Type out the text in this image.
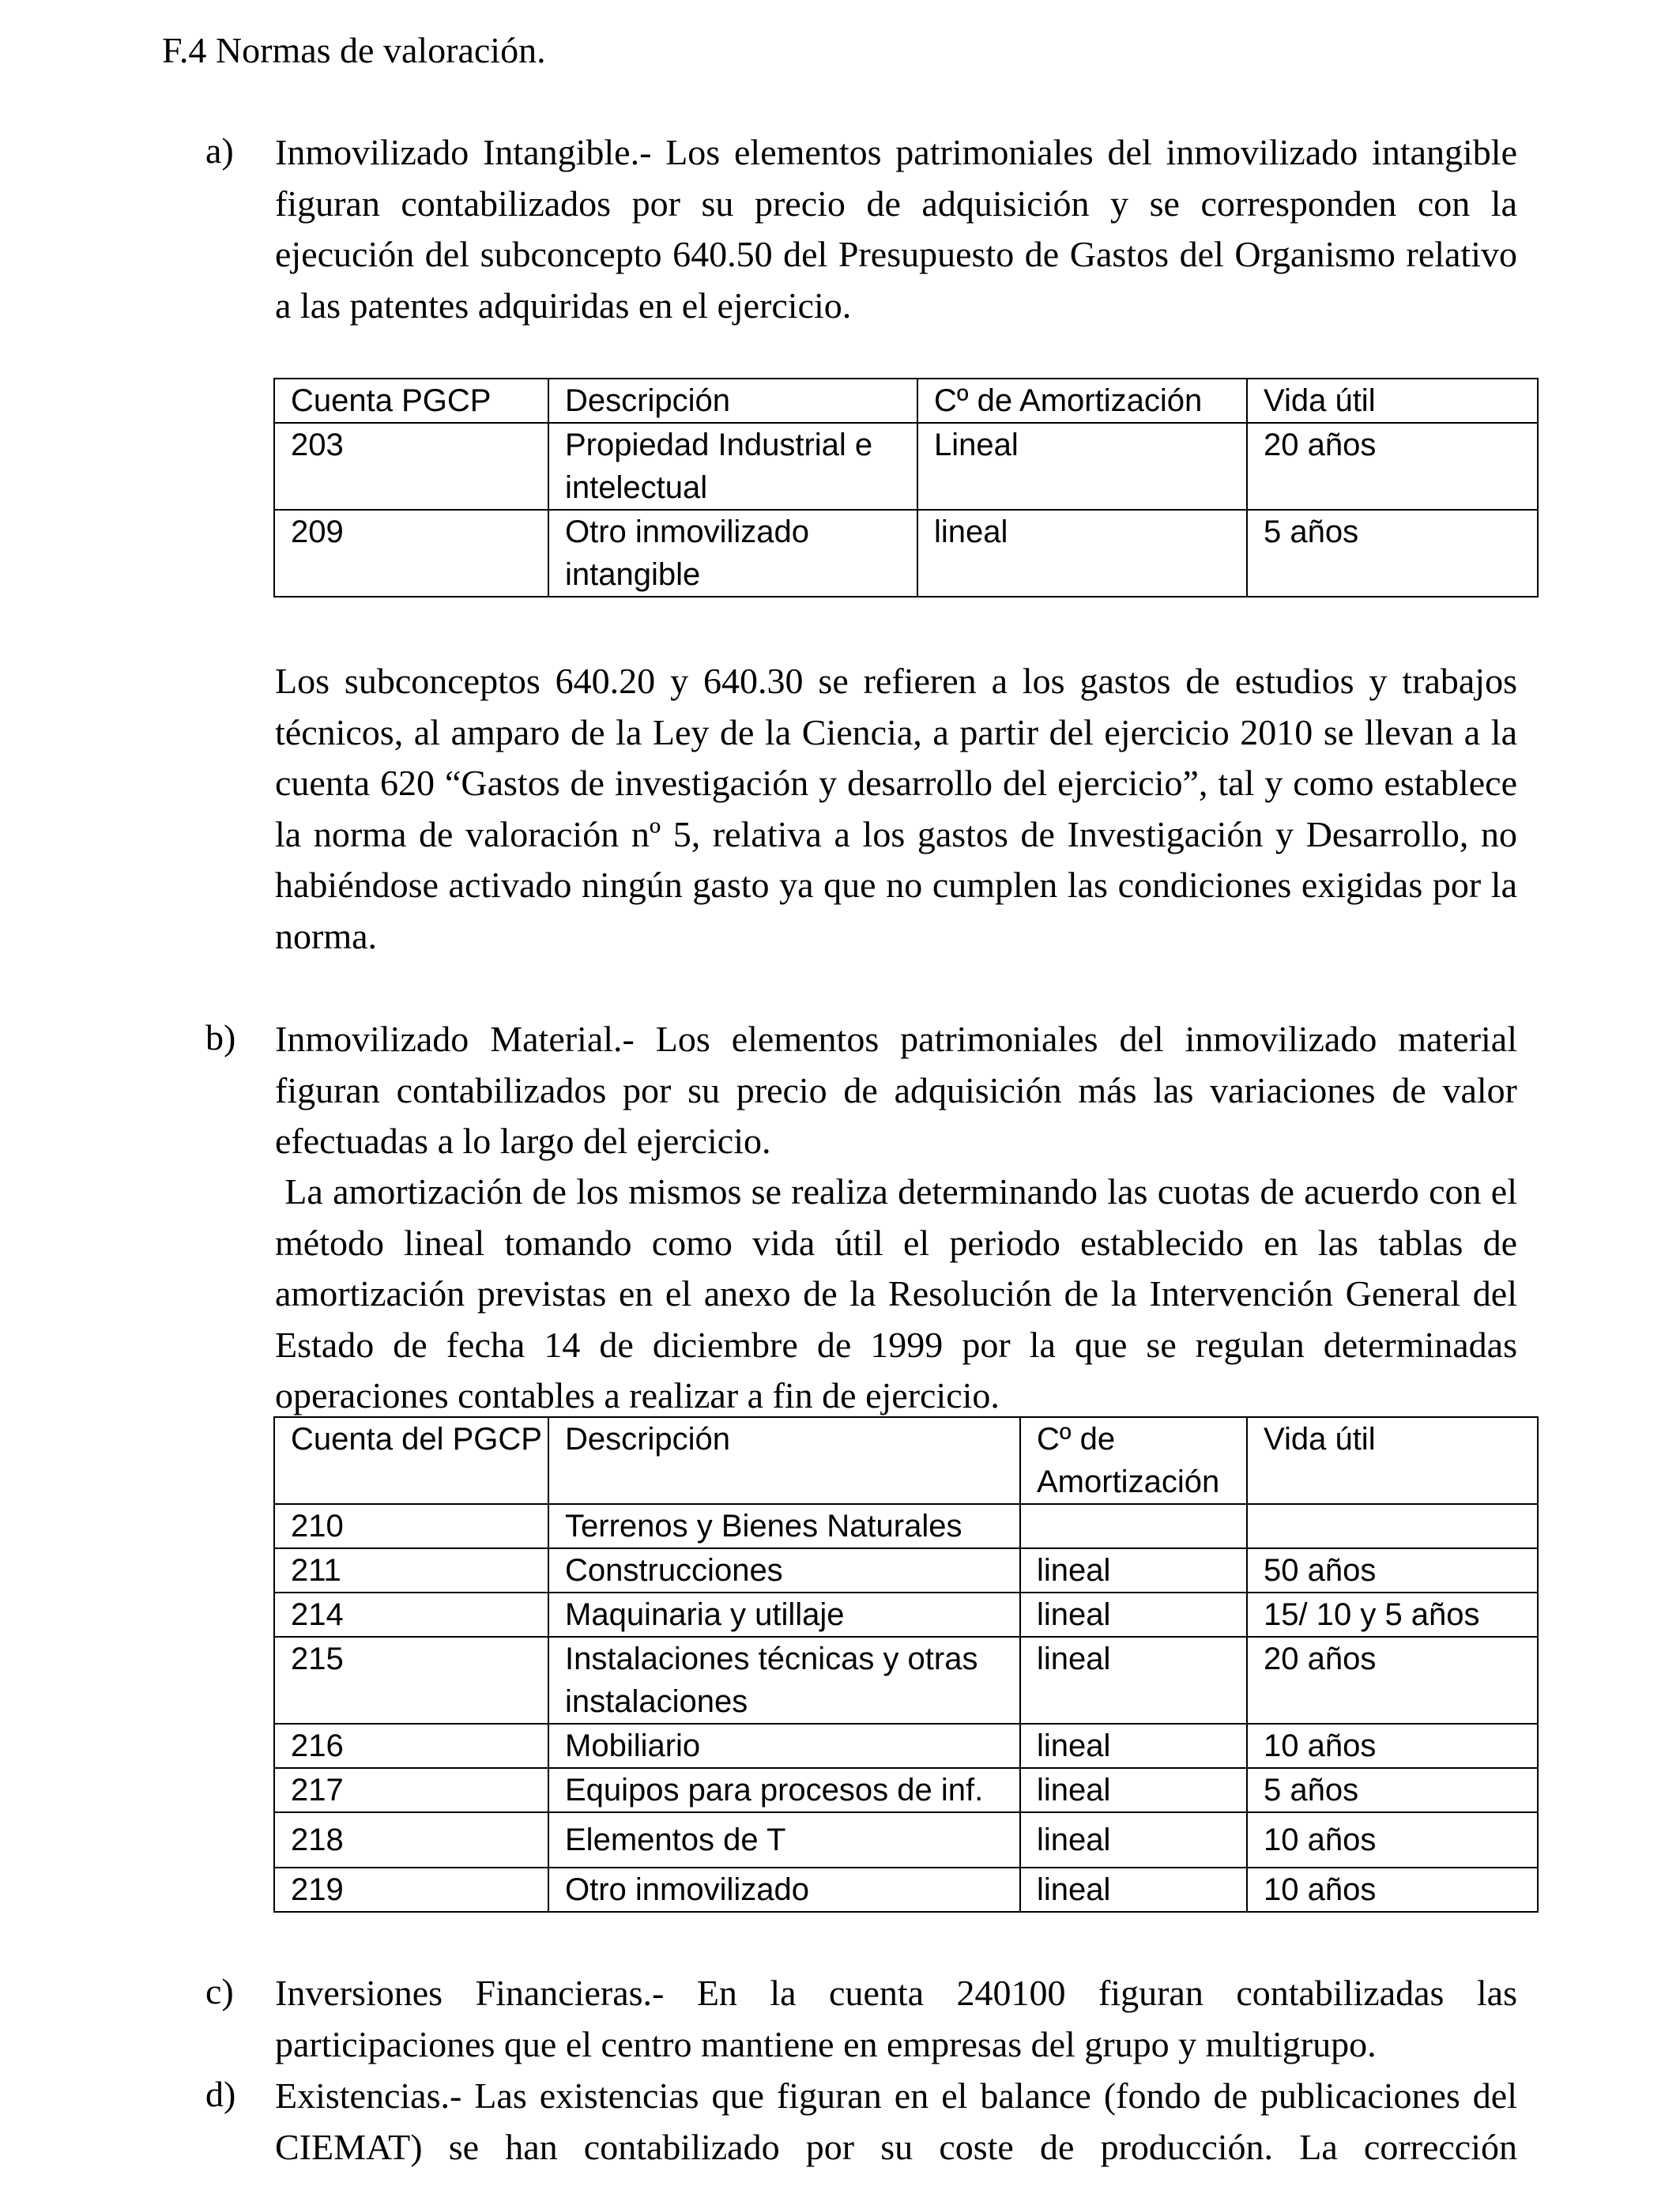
F.4 Normas de valoración.
a) Inmovilizado Intangible.- Los elementos patrimoniales del inmovilizado intangible figuran contabilizados por su precio de adquisición y se corresponden con la ejecución del subconcepto 640.50 del Presupuesto de Gastos del Organismo relativo a las patentes adquiridas en el ejercicio.
Cuenta PGCP	Descripción	Cº de Amortización	Vida útil
203	Propiedad Industrial e intelectual	Lineal	20 años
209	Otro inmovilizado intangible	lineal	5 años
Los subconceptos 640.20 y 640.30 se refieren a los gastos de estudios y trabajos técnicos, al amparo de la Ley de la Ciencia, a partir del ejercicio 2010 se llevan a la cuenta 620 “Gastos de investigación y desarrollo del ejercicio”, tal y como establece la norma de valoración nº 5, relativa a los gastos de Investigación y Desarrollo, no habiéndose activado ningún gasto ya que no cumplen las condiciones exigidas por la norma.
b) Inmovilizado Material.- Los elementos patrimoniales del inmovilizado material figuran contabilizados por su precio de adquisición más las variaciones de valor efectuadas a lo largo del ejercicio.
La amortización de los mismos se realiza determinando las cuotas de acuerdo con el método lineal tomando como vida útil el periodo establecido en las tablas de amortización previstas en el anexo de la Resolución de la Intervención General del Estado de fecha 14 de diciembre de 1999 por la que se regulan determinadas operaciones contables a realizar a fin de ejercicio.
Cuenta del PGCP	Descripción	Cº de Amortización	Vida útil
210	Terrenos y Bienes Naturales		
211	Construcciones	lineal	50 años
214	Maquinaria y utillaje	lineal	15/ 10 y 5 años
215	Instalaciones técnicas y otras instalaciones	lineal	20 años
216	Mobiliario	lineal	10 años
217	Equipos para procesos de inf.	lineal	5 años
218	Elementos de T	lineal	10 años
219	Otro inmovilizado	lineal	10 años
c) Inversiones Financieras.- En la cuenta 240100 figuran contabilizadas las participaciones que el centro mantiene en empresas del grupo y multigrupo.
d) Existencias.- Las existencias que figuran en el balance (fondo de publicaciones del CIEMAT) se han contabilizado por su coste de producción. La corrección
